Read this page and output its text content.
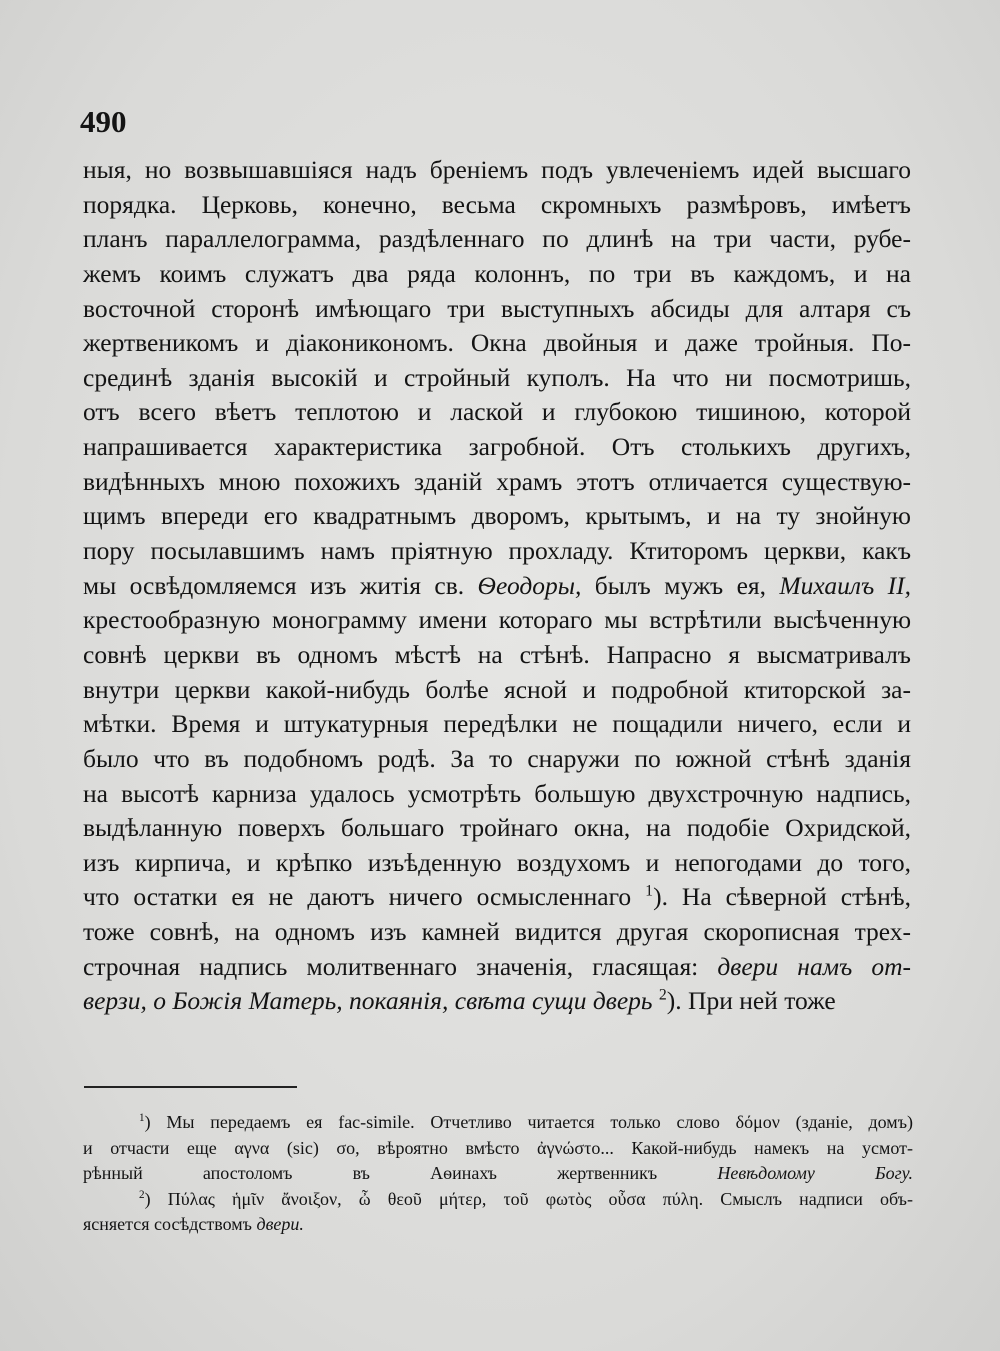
490
ныя, но возвышавшіяся надъ бреніемъ подъ увлеченіемъ идей высшаго
порядка. Церковь, конечно, весьма скромныхъ размѣровъ, имѣетъ
планъ параллелограмма, раздѣленнаго по длинѣ на три части, рубе-
жемъ коимъ служатъ два ряда колоннъ, по три въ каждомъ, и на
восточной сторонѣ имѣющаго три выступныхъ абсиды для алтаря съ
жертвеникомъ и діаконикономъ. Окна двойныя и даже тройныя. По-
срединѣ зданія высокій и стройный куполъ. На что ни посмотришь,
отъ всего вѣетъ теплотою и лаской и глубокою тишиною, которой
напрашивается характеристика загробной. Отъ столькихъ другихъ,
видѣнныхъ мною похожихъ зданій храмъ этотъ отличается существую-
щимъ впереди его квадратнымъ дворомъ, крытымъ, и на ту знойную
пору посылавшимъ намъ пріятную прохладу. Ктиторомъ церкви, какъ
мы освѣдомляемся изъ житія св. Ѳеодоры, былъ мужъ ея, Михаилъ II,
крестообразную монограмму имени котораго мы встрѣтили высѣченную
совнѣ церкви въ одномъ мѣстѣ на стѣнѣ. Напрасно я высматривалъ
внутри церкви какой-нибудь болѣе ясной и подробной ктиторской за-
мѣтки. Время и штукатурныя передѣлки не пощадили ничего, если и
было что въ подобномъ родѣ. За то снаружи по южной стѣнѣ зданія
на высотѣ карниза удалось усмотрѣть большую двухстрочную надпись,
выдѣланную поверхъ большаго тройнаго окна, на подобіе Охридской,
изъ кирпича, и крѣпко изъѣденную воздухомъ и непогодами до того,
что остатки ея не даютъ ничего осмысленнаго $^1$). На сѣверной стѣнѣ,
тоже совнѣ, на одномъ изъ камней видится другая скорописная трех-
строчная надпись молитвеннаго значенія, гласящая: двери намъ от-
верзи, о Божія Матерь, покаянія, свѣта сущи дверь $^2$). При ней тоже
$^1$) Мы передаемъ ея fac-simile. Отчетливо читается только слово δόμον (зданіе, домъ)
и отчасти еще αγνα (sic) σο, вѣроятно вмѣсто ἀγνώστο... Какой-нибудь намекъ на усмот-
рѣнный апостоломъ въ Аѳинахъ жертвенникъ Невѣдомому Богу.
$^2$) Πύλας ἡμῖν ἄνοιξον, ὦ θεοῦ μήτερ, τοῦ φωτὸς οὖσα πύλη. Смыслъ надписи объ-
ясняется сосѣдствомъ двери.
